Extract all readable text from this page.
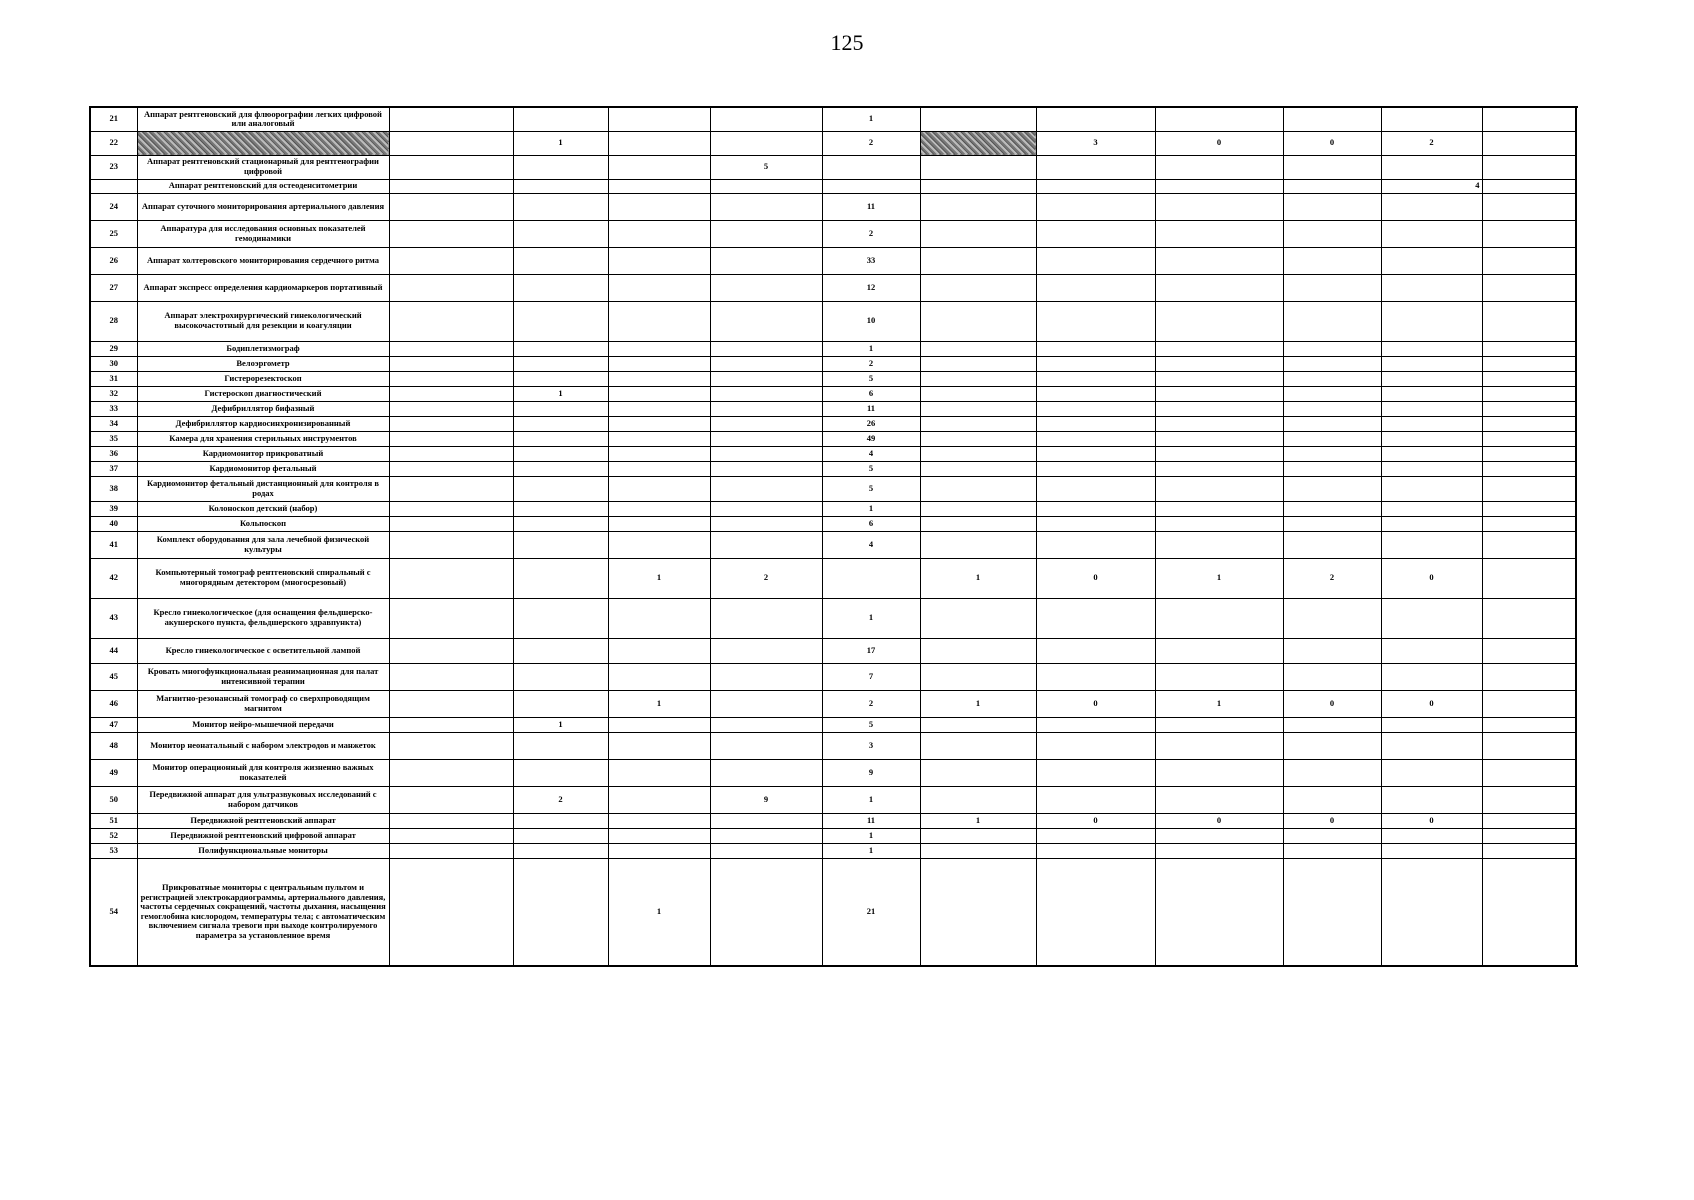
125
21	Аппарат рентгеновский для флюорографии легких цифровой или аналоговый					1							
22			1			2		3	0	0	2		
23	Аппарат рентгеновский стационарный для рентгенографии цифровой				5								
	Аппарат рентгеновский для остеоденситометрии										4		
24	Аппарат суточного мониторирования артериального давления					11							
25	Аппаратура для исследования основных показателей гемодинамики					2							
26	Аппарат холтеровского мониторирования сердечного ритма					33							
27	Аппарат экспресс определения кардиомаркеров портативный					12							
28	Аппарат электрохирургический гинекологический высокочастотный для резекции и коагуляции					10							
29	Бодиплетизмограф					1							
30	Велоэргометр					2							
31	Гистерорезектоскоп					5							
32	Гистероскоп диагностический		1			6							
33	Дефибриллятор бифазный					11							
34	Дефибриллятор кардиосинхронизированный					26							
35	Камера для хранения стерильных инструментов					49							
36	Кардиомонитор прикроватный					4							
37	Кардиомонитор фетальный					5							
38	Кардиомонитор фетальный дистанционный для контроля в родах					5							
39	Колоноскоп детский (набор)					1							
40	Кольпоскоп					6							
41	Комплект оборудования для зала лечебной физической культуры					4							
42	Компьютерный томограф рентгеновский спиральный с многорядным детектором (многосрезовый)			1	2		1	0	1	2	0		
43	Кресло гинекологическое (для оснащения фельдшерско-акушерского пункта, фельдшерского здравпункта)					1							
44	Кресло гинекологическое с осветительной лампой					17							
45	Кровать многофункциональная реанимационная для палат интенсивной терапии					7							
46	Магнитно-резонансный томограф со сверхпроводящим магнитом			1		2	1	0	1	0	0		
47	Монитор нейро-мышечной передачи		1			5							
48	Монитор неонатальный с набором электродов и манжеток					3							
49	Монитор операционный для контроля жизненно важных показателей					9							
50	Передвижной аппарат для ультразвуковых исследований с набором датчиков		2		9	1							
51	Передвижной рентгеновский аппарат					11	1	0	0	0	0		
52	Передвижной рентгеновский цифровой аппарат					1							
53	Полифункциональные мониторы					1							
54	Прикроватные мониторы с центральным пультом и регистрацией электрокардиограммы, артериального давления, частоты сердечных сокращений, частоты дыхания, насыщения гемоглобина кислородом, температуры тела; с автоматическим включением сигнала тревоги при выходе контролируемого параметра за установленное время			1		21							
